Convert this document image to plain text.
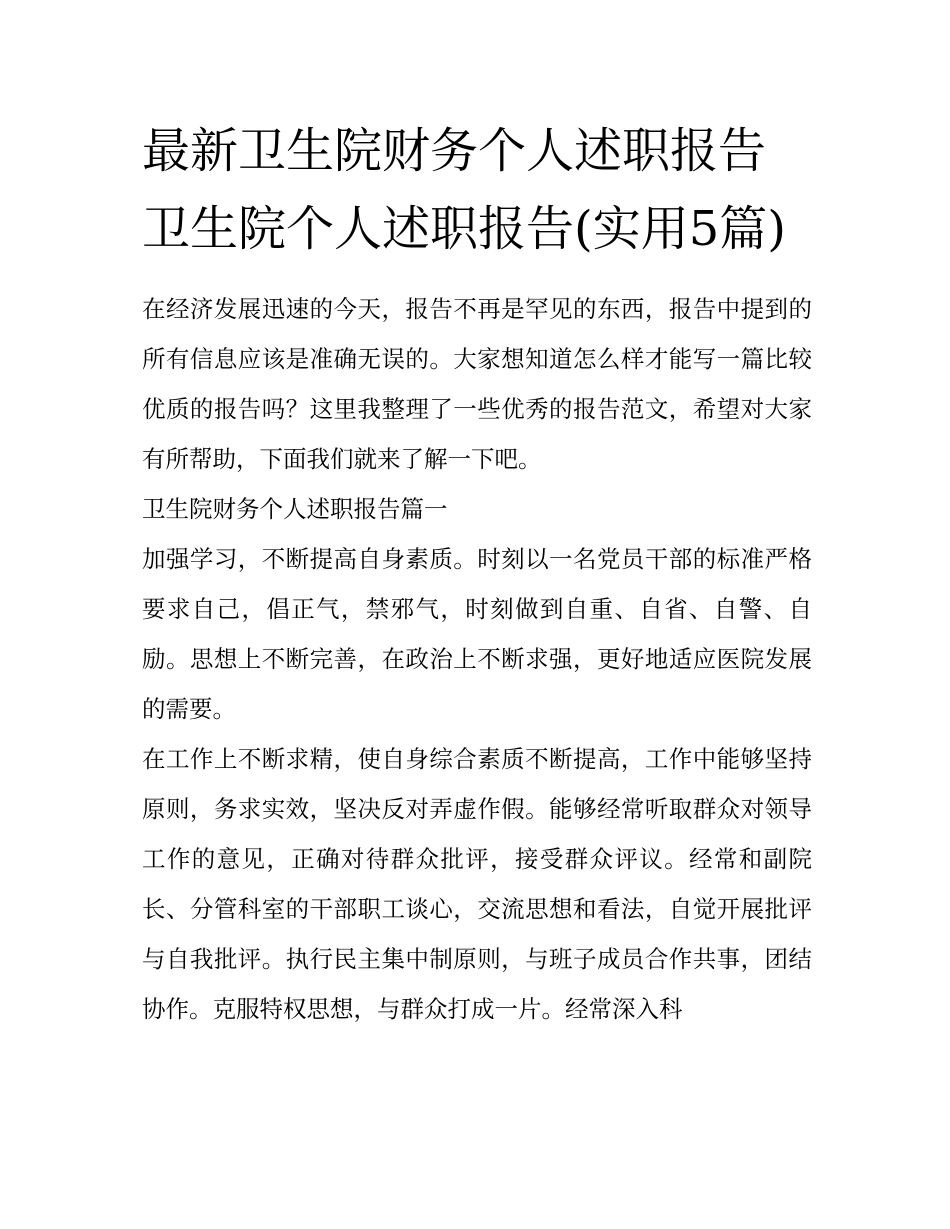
最新卫生院财务个人述职报告 卫生院个人述职报告(实用5篇)

在经济发展迅速的今天，报告不再是罕见的东西，报告中提到的所有信息应该是准确无误的。大家想知道怎么样才能写一篇比较优质的报告吗？这里我整理了一些优秀的报告范文，希望对大家有所帮助，下面我们就来了解一下吧。

卫生院财务个人述职报告篇一

加强学习，不断提高自身素质。时刻以一名党员干部的标准严格要求自己，倡正气，禁邪气，时刻做到自重、自省、自警、自励。思想上不断完善，在政治上不断求强，更好地适应医院发展的需要。

在工作上不断求精，使自身综合素质不断提高，工作中能够坚持原则，务求实效，坚决反对弄虚作假。能够经常听取群众对领导工作的意见，正确对待群众批评，接受群众评议。经常和副院长、分管科室的干部职工谈心，交流思想和看法，自觉开展批评与自我批评。执行民主集中制原则，与班子成员合作共事，团结协作。克服特权思想，与群众打成一片。经常深入科
